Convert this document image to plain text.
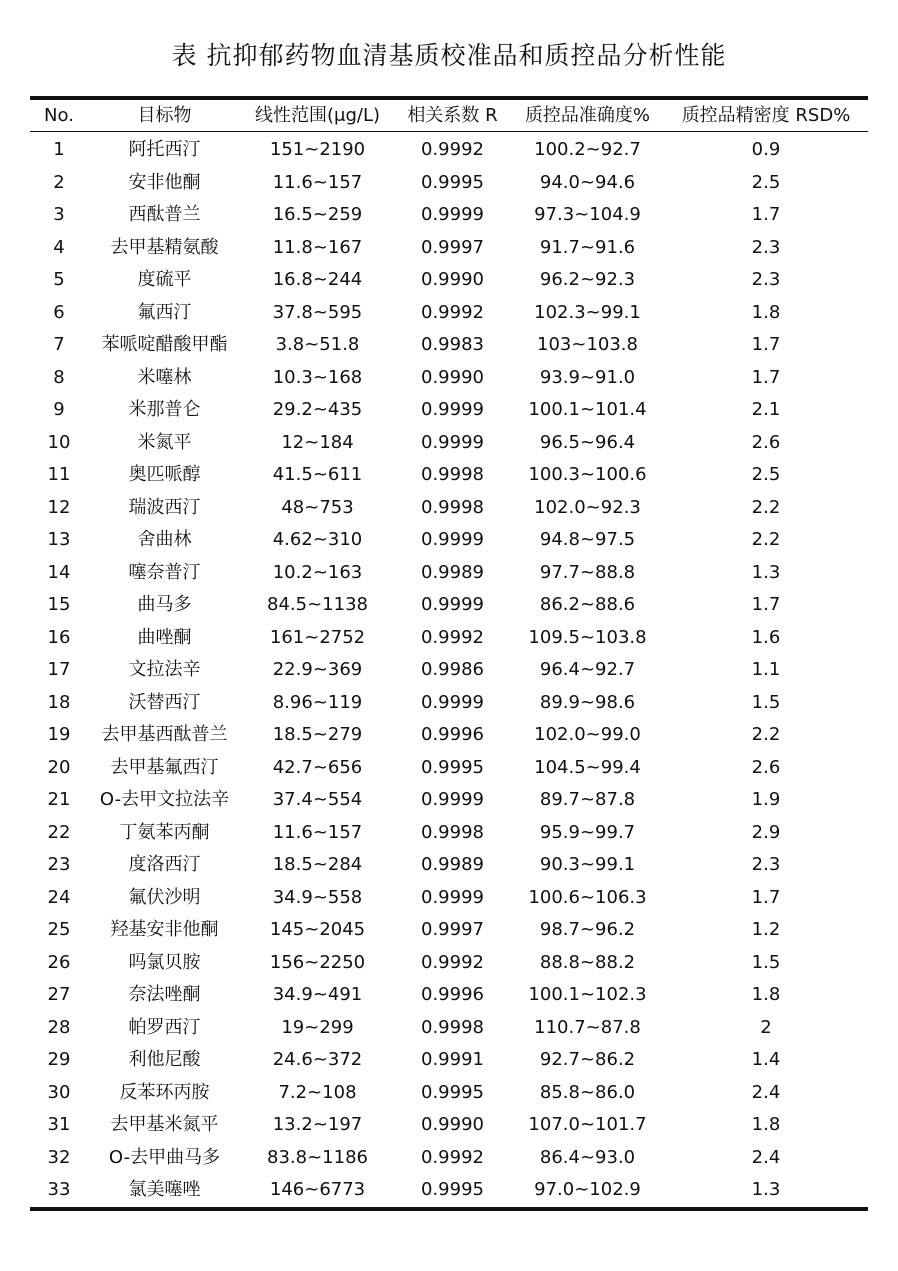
表 抗抑郁药物血清基质校准品和质控品分析性能
No.	目标物	线性范围(μg/L)	相关系数 R	质控品准确度%	质控品精密度 RSD%
1	阿托西汀	151~2190	0.9992	100.2~92.7	0.9
2	安非他酮	11.6~157	0.9995	94.0~94.6	2.5
3	西酞普兰	16.5~259	0.9999	97.3~104.9	1.7
4	去甲基精氨酸	11.8~167	0.9997	91.7~91.6	2.3
5	度硫平	16.8~244	0.9990	96.2~92.3	2.3
6	氟西汀	37.8~595	0.9992	102.3~99.1	1.8
7	苯哌啶醋酸甲酯	3.8~51.8	0.9983	103~103.8	1.7
8	米噻林	10.3~168	0.9990	93.9~91.0	1.7
9	米那普仑	29.2~435	0.9999	100.1~101.4	2.1
10	米氮平	12~184	0.9999	96.5~96.4	2.6
11	奥匹哌醇	41.5~611	0.9998	100.3~100.6	2.5
12	瑞波西汀	48~753	0.9998	102.0~92.3	2.2
13	舍曲林	4.62~310	0.9999	94.8~97.5	2.2
14	噻奈普汀	10.2~163	0.9989	97.7~88.8	1.3
15	曲马多	84.5~1138	0.9999	86.2~88.6	1.7
16	曲唑酮	161~2752	0.9992	109.5~103.8	1.6
17	文拉法辛	22.9~369	0.9986	96.4~92.7	1.1
18	沃替西汀	8.96~119	0.9999	89.9~98.6	1.5
19	去甲基西酞普兰	18.5~279	0.9996	102.0~99.0	2.2
20	去甲基氟西汀	42.7~656	0.9995	104.5~99.4	2.6
21	O-去甲文拉法辛	37.4~554	0.9999	89.7~87.8	1.9
22	丁氨苯丙酮	11.6~157	0.9998	95.9~99.7	2.9
23	度洛西汀	18.5~284	0.9989	90.3~99.1	2.3
24	氟伏沙明	34.9~558	0.9999	100.6~106.3	1.7
25	羟基安非他酮	145~2045	0.9997	98.7~96.2	1.2
26	吗氯贝胺	156~2250	0.9992	88.8~88.2	1.5
27	奈法唑酮	34.9~491	0.9996	100.1~102.3	1.8
28	帕罗西汀	19~299	0.9998	110.7~87.8	2
29	利他尼酸	24.6~372	0.9991	92.7~86.2	1.4
30	反苯环丙胺	7.2~108	0.9995	85.8~86.0	2.4
31	去甲基米氮平	13.2~197	0.9990	107.0~101.7	1.8
32	O-去甲曲马多	83.8~1186	0.9992	86.4~93.0	2.4
33	氯美噻唑	146~6773	0.9995	97.0~102.9	1.3
